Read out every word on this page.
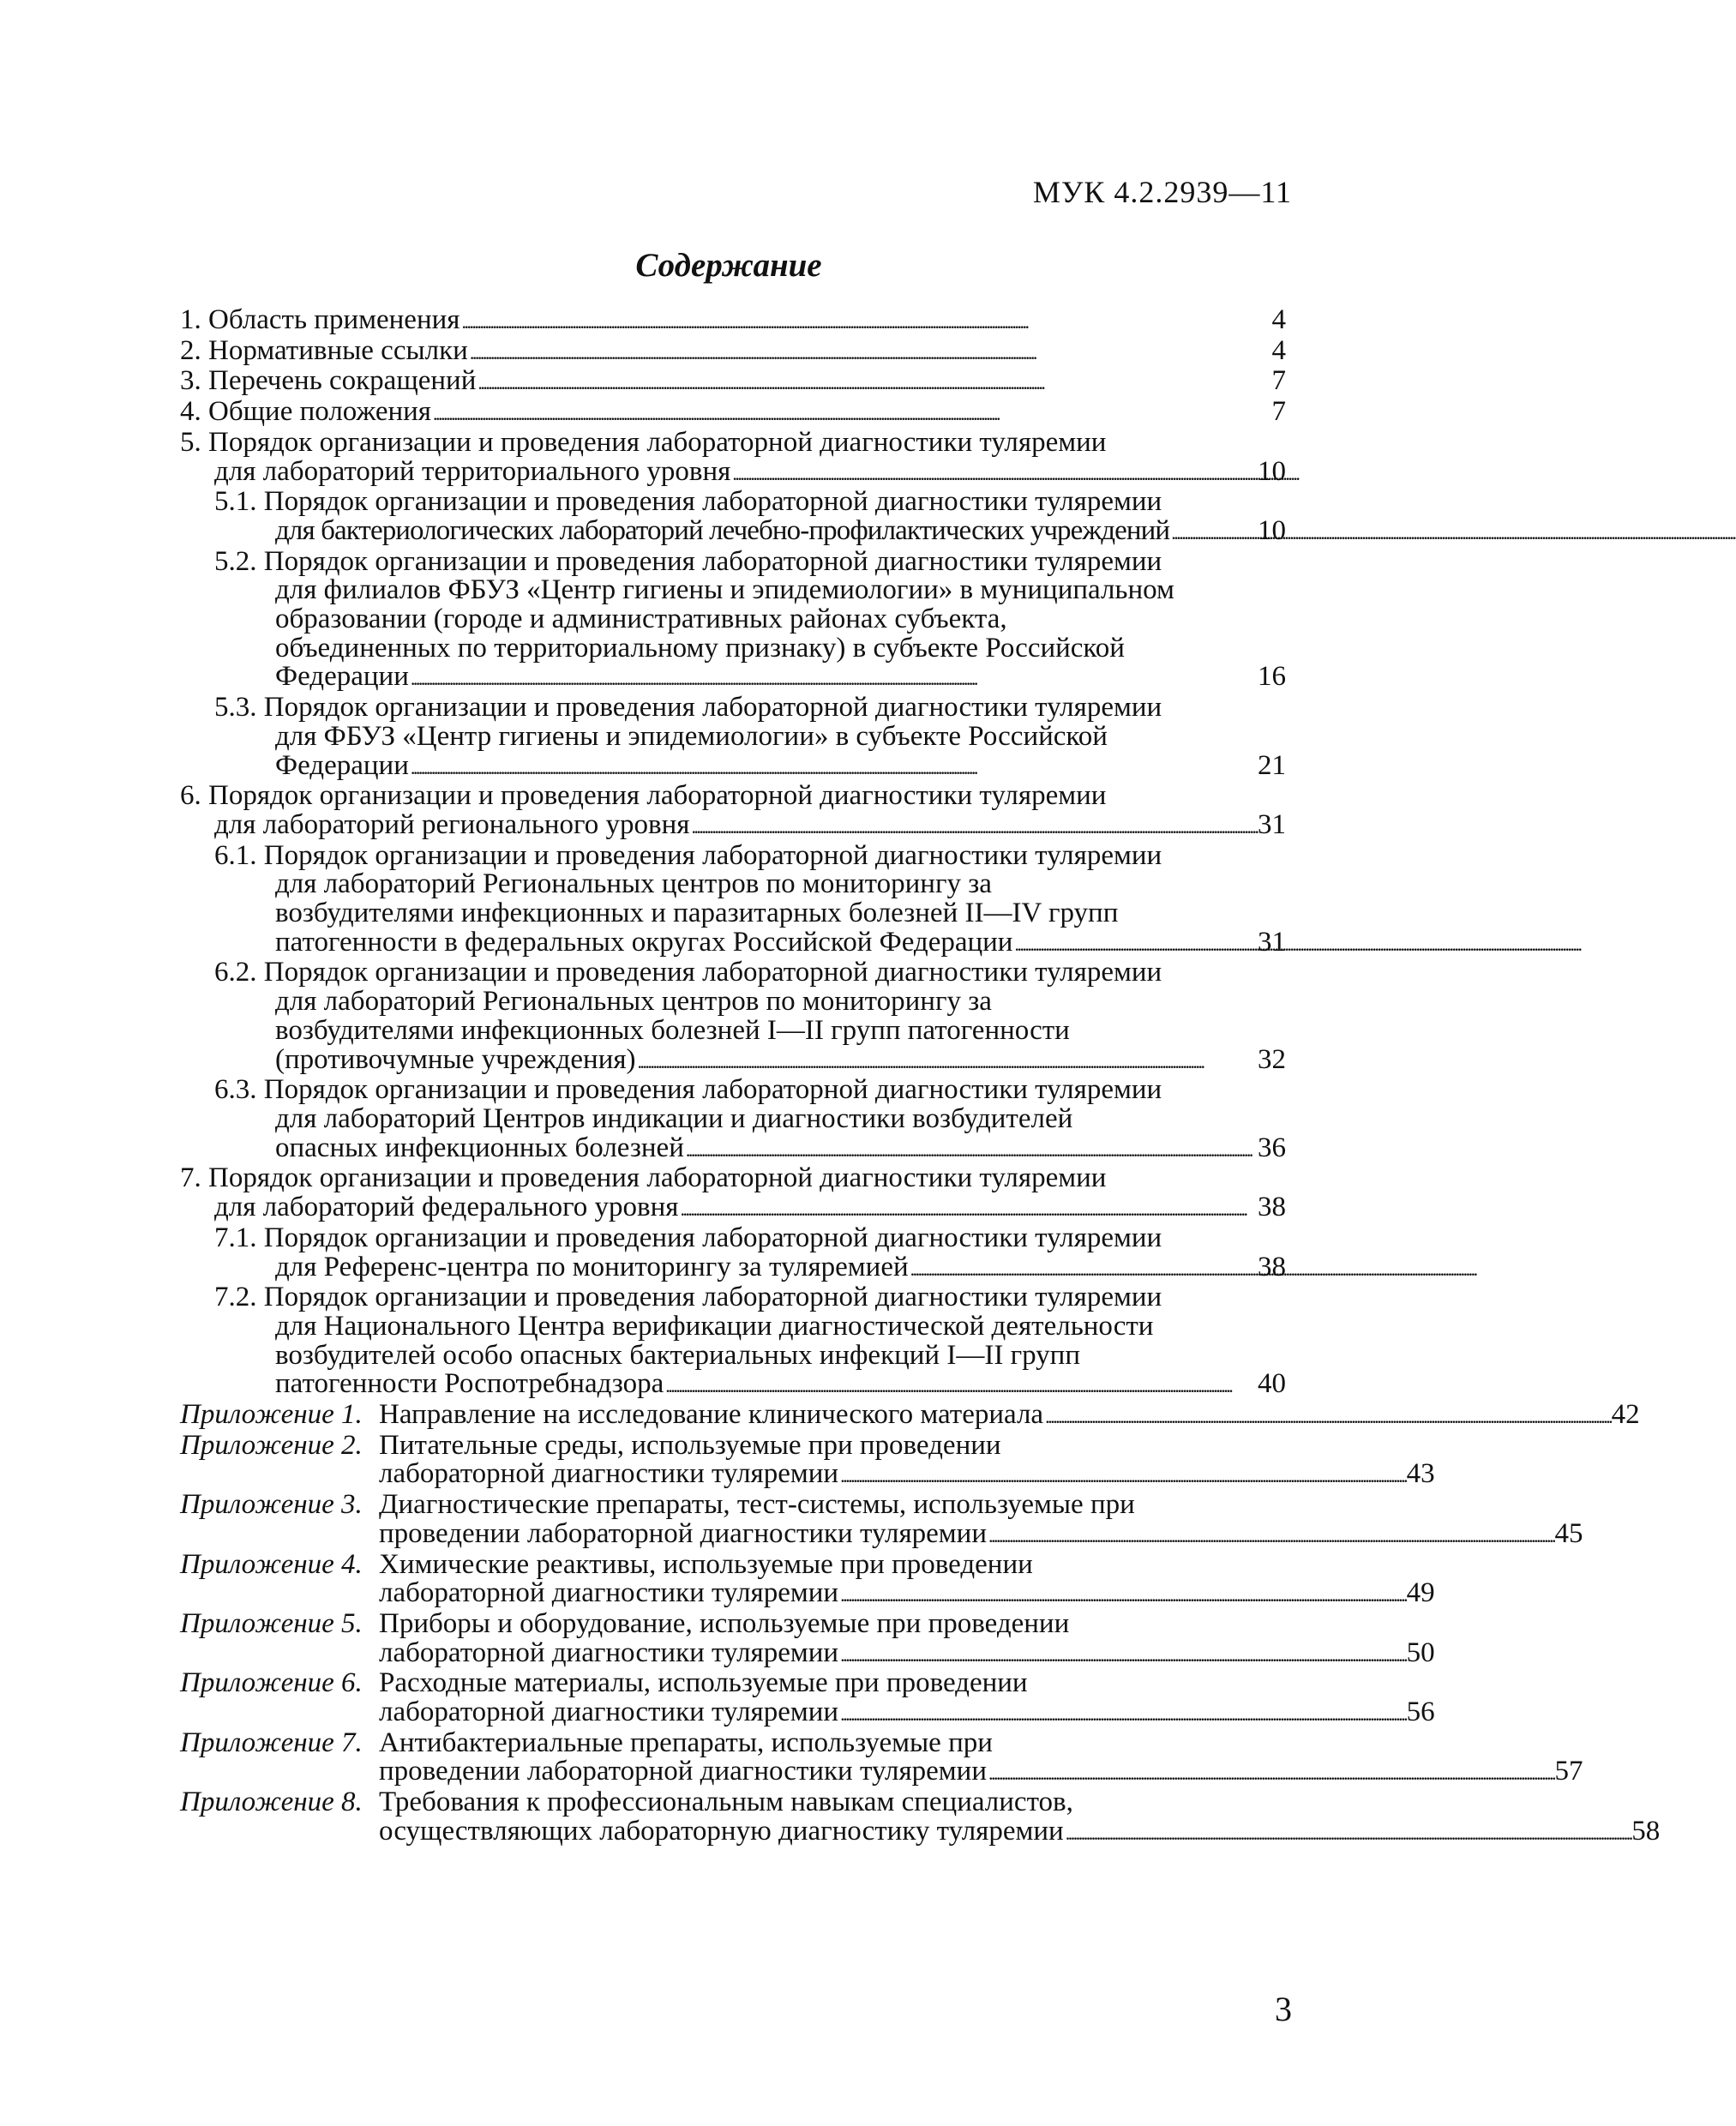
МУК 4.2.2939—11
Содержание
1. Область применения . . .	4
2. Нормативные ссылки . . .	4
3. Перечень сокращений . . .	7
4. Общие положения . . .	7
5. Порядок организации и проведения лабораторной диагностики туляремии
для лабораторий территориального уровня . . .	10
5.1. Порядок организации и проведения лабораторной диагностики туляремии
для бактериологических лабораторий лечебно-профилактических учреждений . . .	10
5.2. Порядок организации и проведения лабораторной диагностики туляремии
для филиалов ФБУЗ «Центр гигиены и эпидемиологии» в муниципальном
образовании (городе и административных районах субъекта,
объединенных по территориальному признаку) в субъекте Российской
Федерации . . .	16
5.3. Порядок организации и проведения лабораторной диагностики туляремии
для ФБУЗ «Центр гигиены и эпидемиологии» в субъекте Российской
Федерации . . .	21
6. Порядок организации и проведения лабораторной диагностики туляремии
для лабораторий регионального уровня . . .	31
6.1. Порядок организации и проведения лабораторной диагностики туляремии
для лабораторий Региональных центров по мониторингу за
возбудителями инфекционных и паразитарных болезней II—IV групп
патогенности в федеральных округах Российской Федерации . . .	31
6.2. Порядок организации и проведения лабораторной диагностики туляремии
для лабораторий Региональных центров по мониторингу за
возбудителями инфекционных болезней I—II групп патогенности
(противочумные учреждения) . . .	32
6.3. Порядок организации и проведения лабораторной диагностики туляремии
для лабораторий Центров индикации и диагностики возбудителей
опасных инфекционных болезней . . .	36
7. Порядок организации и проведения лабораторной диагностики туляремии
для лабораторий федерального уровня . . .	38
7.1. Порядок организации и проведения лабораторной диагностики туляремии
для Референс-центра по мониторингу за туляремией . . .	38
7.2. Порядок организации и проведения лабораторной диагностики туляремии
для Национального Центра верификации диагностической деятельности
возбудителей особо опасных бактериальных инфекций I—II групп
патогенности Роспотребнадзора . . .	40
Приложение 1. Направление на исследование клинического материала . . .	42
Приложение 2. Питательные среды, используемые при проведении
лабораторной диагностики туляремии . . .	43
Приложение 3. Диагностические препараты, тест-системы, используемые при
проведении лабораторной диагностики туляремии . . .	45
Приложение 4. Химические реактивы, используемые при проведении
лабораторной диагностики туляремии . . .	49
Приложение 5. Приборы и оборудование, используемые при проведении
лабораторной диагностики туляремии . . .	50
Приложение 6. Расходные материалы, используемые при проведении
лабораторной диагностики туляремии . . .	56
Приложение 7. Антибактериальные препараты, используемые при
проведении лабораторной диагностики туляремии . . .	57
Приложение 8. Требования к профессиональным навыкам специалистов,
осуществляющих лабораторную диагностику туляремии . . .	58
3
